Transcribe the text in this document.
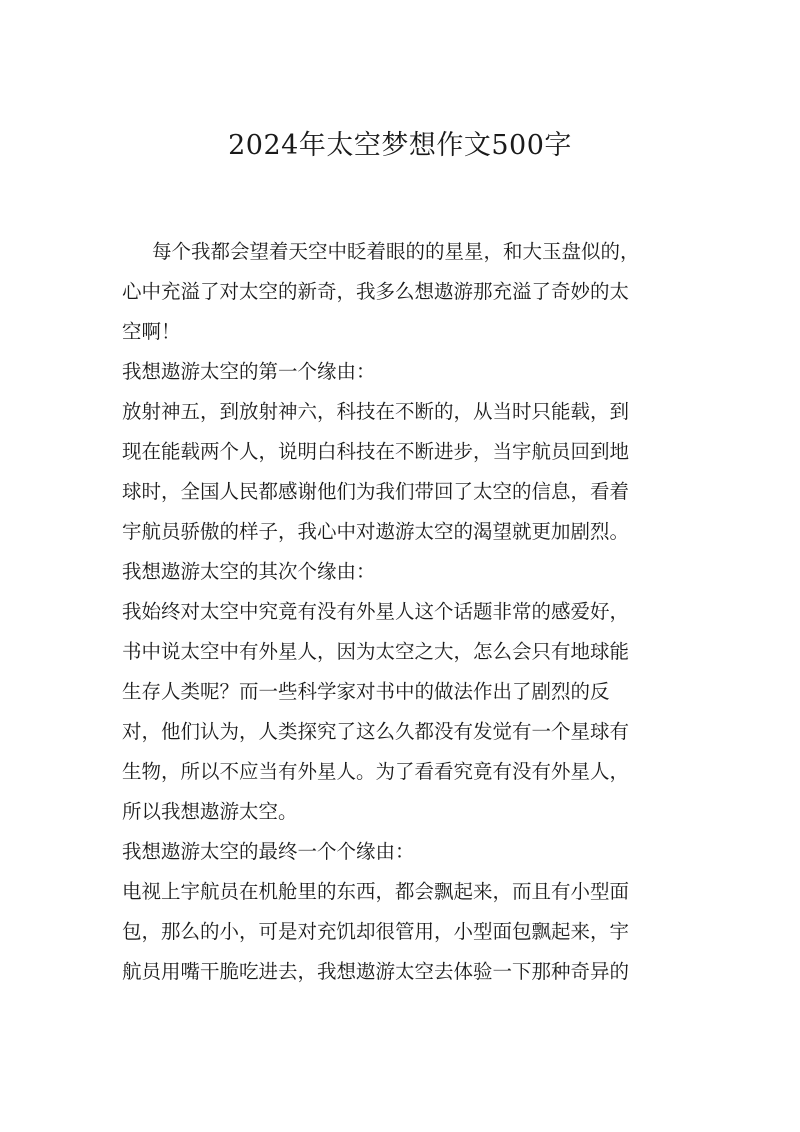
2024年太空梦想作文500字
每个我都会望着天空中眨着眼的的星星，和大玉盘似的，
心中充溢了对太空的新奇，我多么想遨游那充溢了奇妙的太
空啊！
我想遨游太空的第一个缘由：
放射神五，到放射神六，科技在不断的，从当时只能载，到
现在能载两个人，说明白科技在不断进步，当宇航员回到地
球时，全国人民都感谢他们为我们带回了太空的信息，看着
宇航员骄傲的样子，我心中对遨游太空的渴望就更加剧烈。
我想遨游太空的其次个缘由：
我始终对太空中究竟有没有外星人这个话题非常的感爱好，
书中说太空中有外星人，因为太空之大，怎么会只有地球能
生存人类呢？而一些科学家对书中的做法作出了剧烈的反
对，他们认为，人类探究了这么久都没有发觉有一个星球有
生物，所以不应当有外星人。为了看看究竟有没有外星人，
所以我想遨游太空。
我想遨游太空的最终一个个缘由：
电视上宇航员在机舱里的东西，都会飘起来，而且有小型面
包，那么的小，可是对充饥却很管用，小型面包飘起来，宇
航员用嘴干脆吃进去，我想遨游太空去体验一下那种奇异的
